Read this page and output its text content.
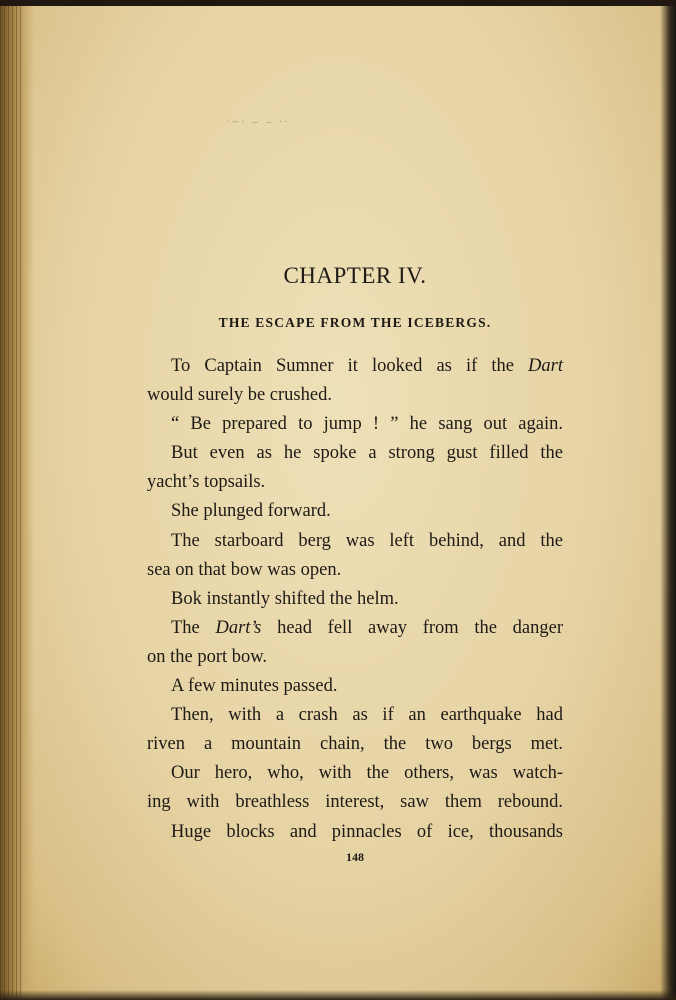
·~· ‒ ‒ ··
CHAPTER IV.
THE ESCAPE FROM THE ICEBERGS.
To Captain Sumner it looked as if the Dart
would surely be crushed.
“ Be prepared to jump ! ” he sang out again.
But even as he spoke a strong gust filled the
yacht’s topsails.
She plunged forward.
The starboard berg was left behind, and the
sea on that bow was open.
Bok instantly shifted the helm.
The Dart’s head fell away from the danger
on the port bow.
A few minutes passed.
Then, with a crash as if an earthquake had
riven a mountain chain, the two bergs met.
Our hero, who, with the others, was watch-
ing with breathless interest, saw them rebound.
Huge blocks and pinnacles of ice, thousands
148
